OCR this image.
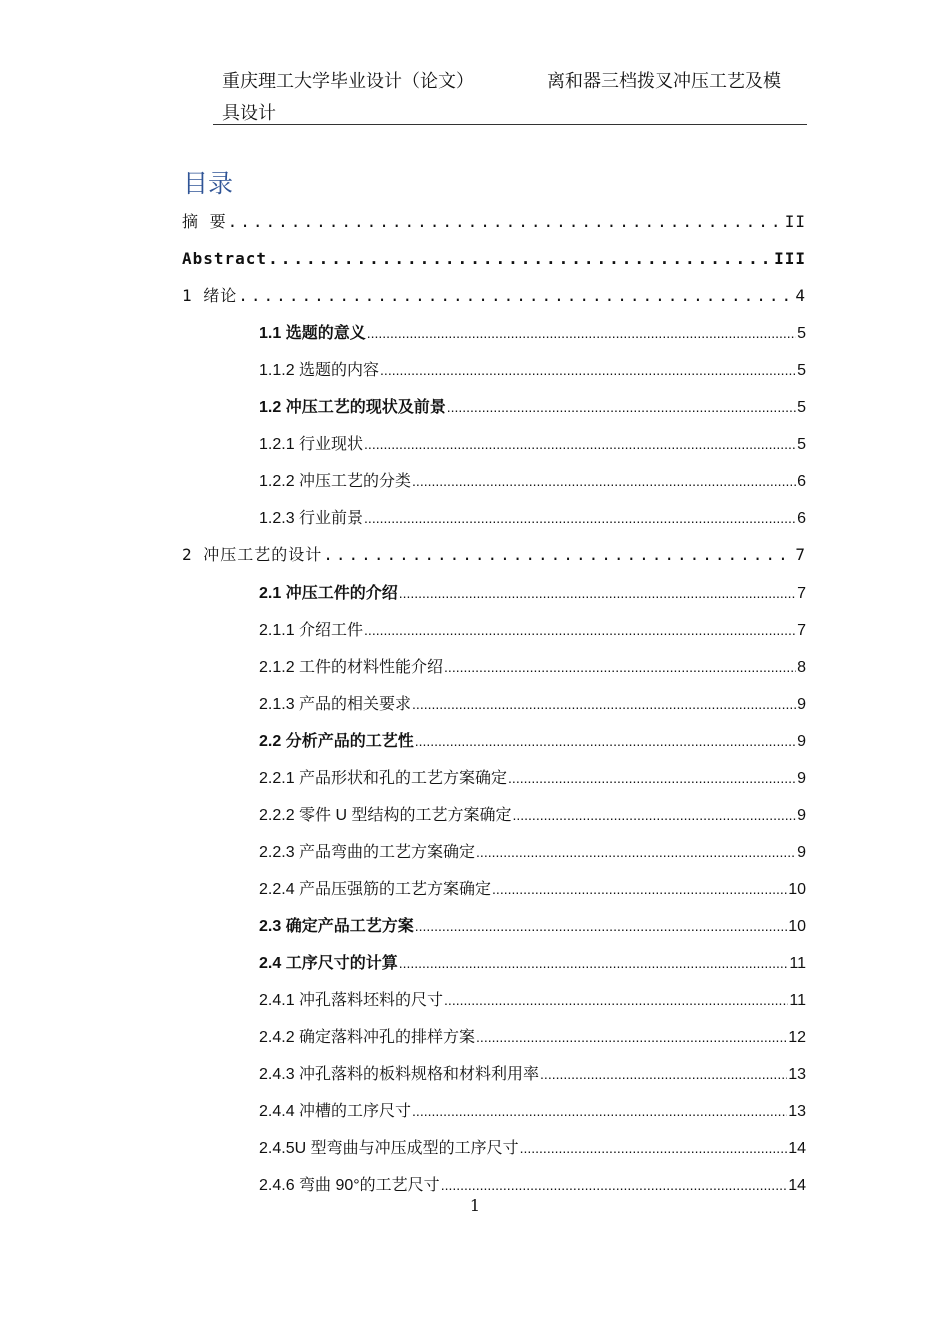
重庆理工大学毕业设计（论文）	离和器三档拨叉冲压工艺及模
具设计
目录
摘 要 .....	II
Abstract .....	III
1 绪论 .....	4
1.1 选题的意义 .....	5
1.1.2 选题的内容 .....	5
1.2 冲压工艺的现状及前景 .....	5
1.2.1 行业现状 .....	5
1.2.2 冲压工艺的分类 .....	6
1.2.3 行业前景 .....	6
2 冲压工艺的设计 .....	7
2.1 冲压工件的介绍 .....	7
2.1.1 介绍工件 .....	7
2.1.2 工件的材料性能介绍 .....	8
2.1.3 产品的相关要求 .....	9
2.2 分析产品的工艺性 .....	9
2.2.1 产品形状和孔的工艺方案确定 .....	9
2.2.2 零件 U 型结构的工艺方案确定 .....	9
2.2.3 产品弯曲的工艺方案确定 .....	9
2.2.4 产品压强筋的工艺方案确定 .....	10
2.3 确定产品工艺方案 .....	10
2.4 工序尺寸的计算 .....	11
2.4.1 冲孔落料坯料的尺寸 .....	11
2.4.2 确定落料冲孔的排样方案 .....	12
2.4.3 冲孔落料的板料规格和材料利用率 .....	13
2.4.4 冲槽的工序尺寸 .....	13
2.4.5U 型弯曲与冲压成型的工序尺寸 .....	14
2.4.6 弯曲 90°的工艺尺寸 .....	14
1
